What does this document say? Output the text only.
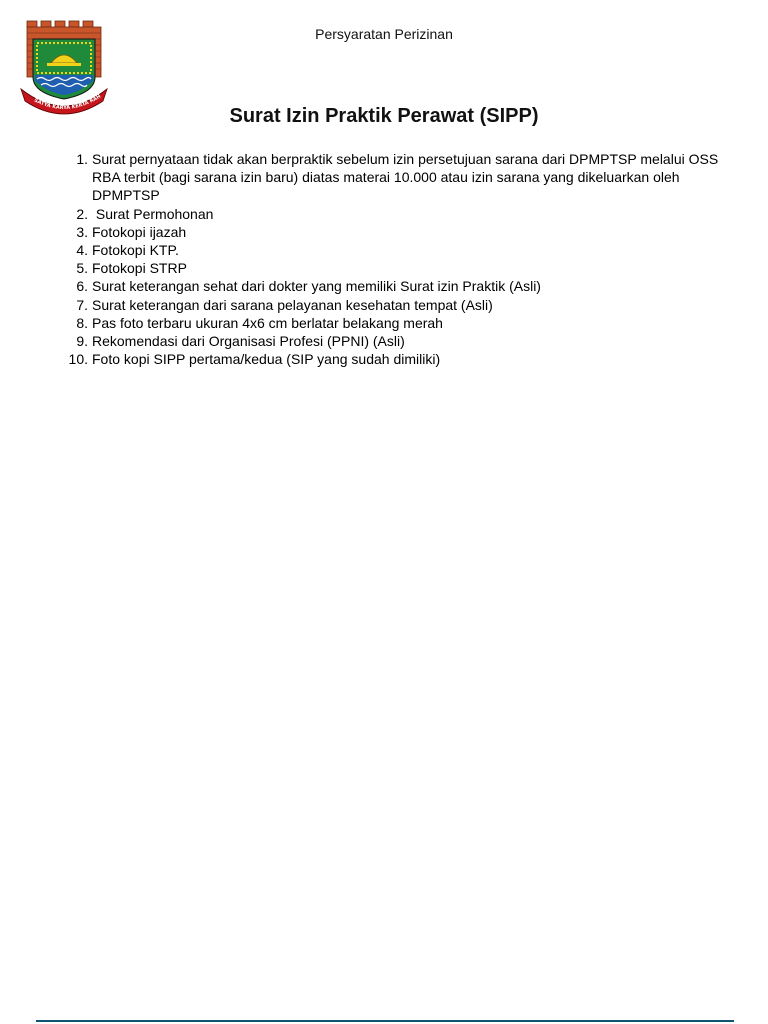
Persyaratan Perizinan
SATYA KARYA KERTA RAH
Surat Izin Praktik Perawat (SIPP)
1. Surat pernyataan tidak akan berpraktik sebelum izin persetujuan sarana dari DPMPTSP melalui OSS RBA terbit (bagi sarana izin baru) diatas materai 10.000 atau izin sarana yang dikeluarkan oleh DPMPTSP
2. Surat Permohonan
3. Fotokopi ijazah
4. Fotokopi KTP.
5. Fotokopi STRP
6. Surat keterangan sehat dari dokter yang memiliki Surat izin Praktik (Asli)
7. Surat keterangan dari sarana pelayanan kesehatan tempat (Asli)
8. Pas foto terbaru ukuran 4x6 cm berlatar belakang merah
9. Rekomendasi dari Organisasi Profesi (PPNI) (Asli)
10. Foto kopi SIPP pertama/kedua (SIP yang sudah dimiliki)
